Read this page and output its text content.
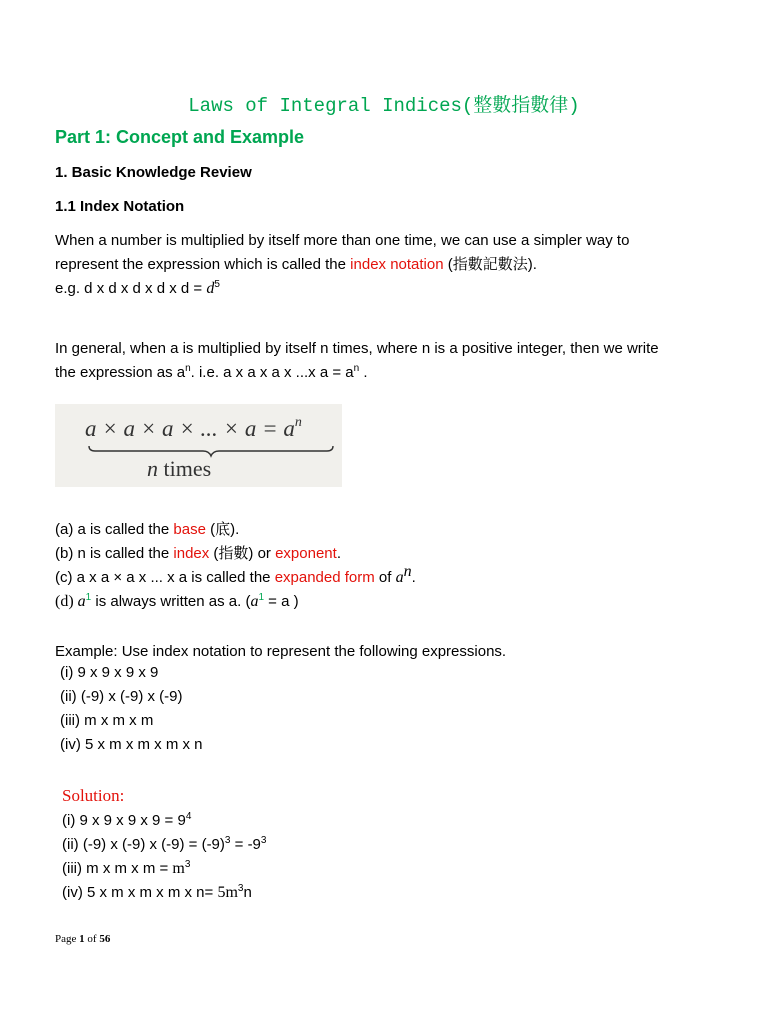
Laws of Integral Indices(整數指數律)
Part 1: Concept and Example
1. Basic Knowledge Review
1.1 Index Notation
When a number is multiplied by itself more than one time, we can use a simpler way to
represent the expression which is called the index notation (指數記數法).
e.g. d x d x d x d x $d = d^5$
In general, when a is multiplied by itself n times, where n is a positive integer, then we write
the expression as $a^n$. i.e. a x a x a x ...x $a = a^n$ .
a × a × a × ... × $a = a^n$
n times
(a) a is called the base (底).
(b) n is called the index (指數) or exponent.
(c) a x a × a x ... x a is called the expanded form of $a^n$.
(d) $a^1$ is always written as a. ($a^1 = a$ )
Example: Use index notation to represent the following expressions.
(i) 9 x 9 x 9 x 9
(ii) (-9) x (-9) x (-9)
(iii) m x m x m
(iv) 5 x m x m x m x n
Solution:
(i) 9 x 9 x 9 x $9 = 9^4$
(ii) (-9) x (-9) x $(-9) = (-9)^3 = -9^3$
(iii) m x m x $m = m^3$
(iv) 5 x m x m x m x $n= 5m^3n$
Page 1 of 56
